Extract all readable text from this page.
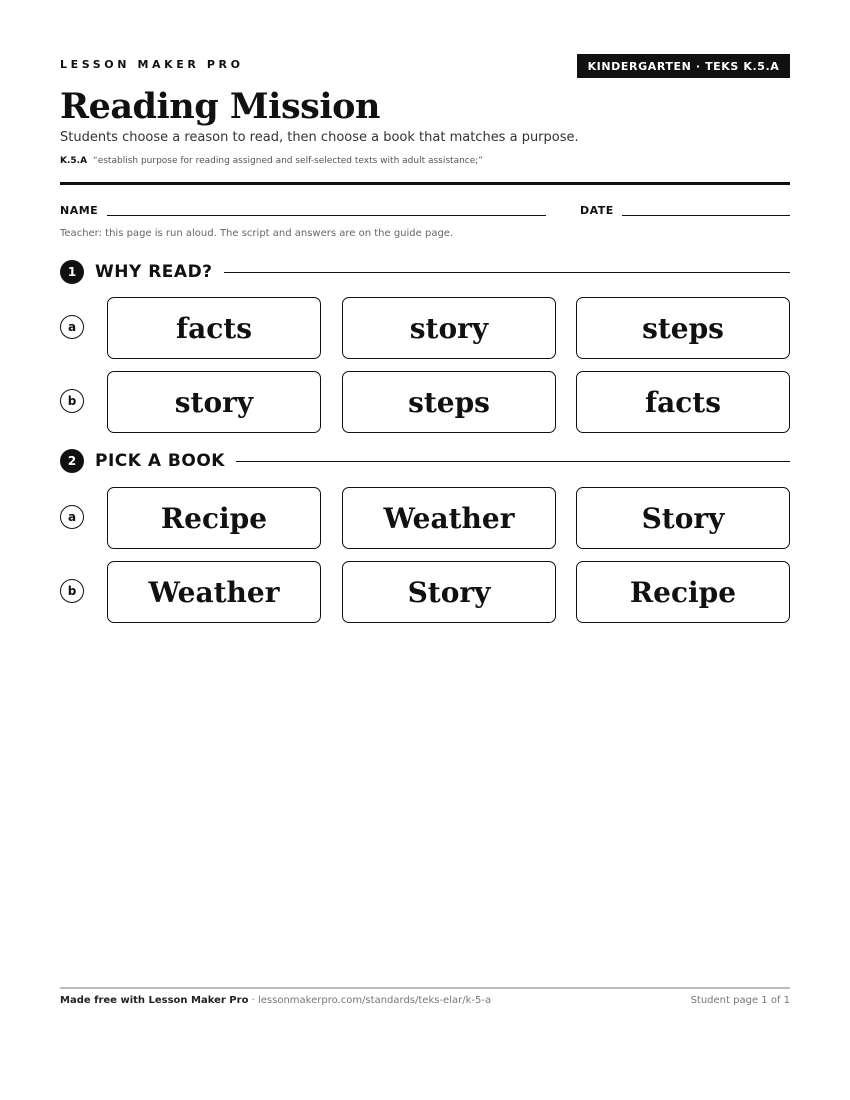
LESSON MAKER PRO	KINDERGARTEN · TEKS K.5.A
Reading Mission
Students choose a reason to read, then choose a book that matches a purpose.
K.5.A “establish purpose for reading assigned and self-selected texts with adult assistance;”
NAME	DATE
Teacher: this page is run aloud. The script and answers are on the guide page.
1	WHY READ?
a	facts	story	steps
b	story	steps	facts
2	PICK A BOOK
a	Recipe	Weather	Story
b	Weather	Story	Recipe
Made free with Lesson Maker Pro · lessonmakerpro.com/standards/teks-elar/k-5-a	Student page 1 of 1
